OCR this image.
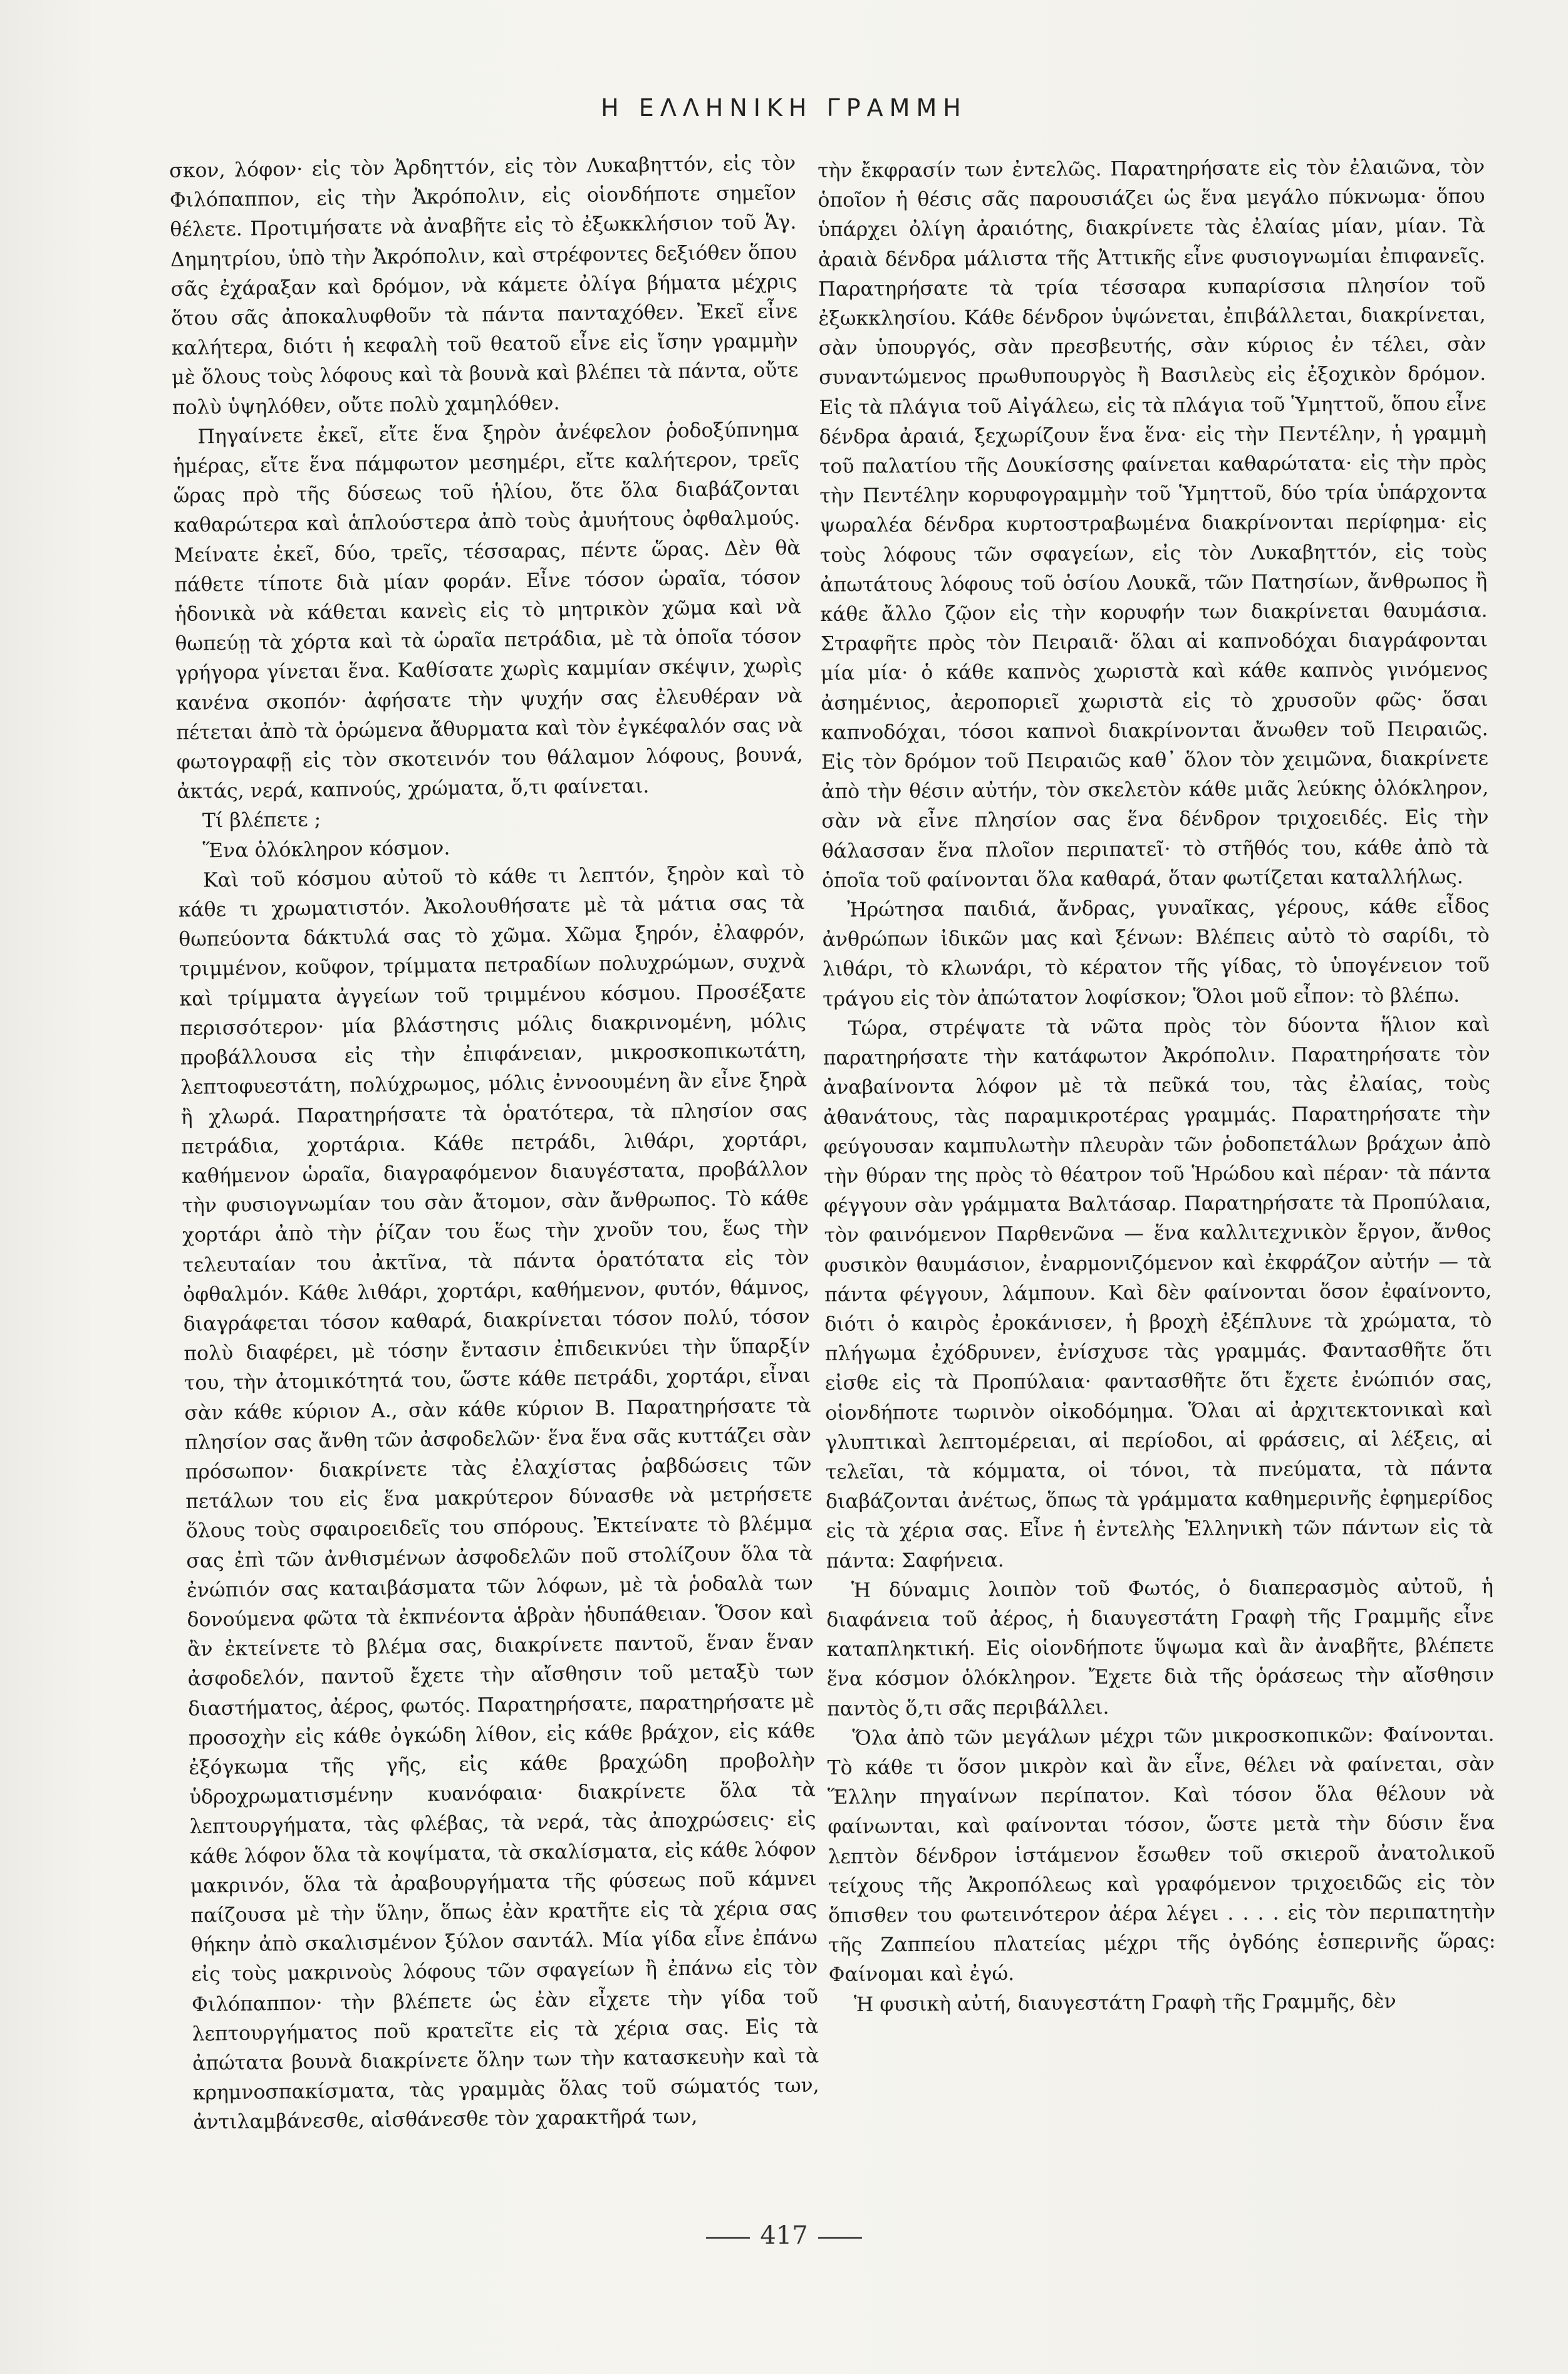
Η ΕΛΛΗΝΙΚΗ ΓΡΑΜΜΗ

σκον, λόφον· εἰς τὸν Ἀρδηττόν, εἰς τὸν Λυκαβηττόν, εἰς τὸν Φιλόπαππον, εἰς τὴν Ἀκρόπολιν, εἰς οἱονδήποτε σημεῖον θέλετε. Προτιμήσατε νὰ ἀναβῆτε εἰς τὸ ἐξωκκλήσιον τοῦ Ἁγ. Δημητρίου, ὑπὸ τὴν Ἀκρόπολιν, καὶ στρέφοντες δεξιόθεν ὅπου σᾶς ἐχάραξαν καὶ δρόμον, νὰ κάμετε ὀλίγα βήματα μέχρις ὅτου σᾶς ἀποκαλυφθοῦν τὰ πάντα πανταχόθεν. Ἐκεῖ εἶνε καλήτερα, διότι ἡ κεφαλὴ τοῦ θεατοῦ εἶνε εἰς ἴσην γραμμὴν μὲ ὅλους τοὺς λόφους καὶ τὰ βουνὰ καὶ βλέπει τὰ πάντα, οὔτε πολὺ ὑψηλόθεν, οὔτε πολὺ χαμηλόθεν.

Πηγαίνετε ἐκεῖ, εἴτε ἕνα ξηρὸν ἀνέφελον ῥοδοξύπνημα ἡμέρας, εἴτε ἕνα πάμφωτον μεσημέρι, εἴτε καλήτερον, τρεῖς ὥρας πρὸ τῆς δύσεως τοῦ ἡλίου, ὅτε ὅλα διαβάζονται καθαρώτερα καὶ ἁπλούστερα ἀπὸ τοὺς ἀμυήτους ὀφθαλμούς. Μείνατε ἐκεῖ, δύο, τρεῖς, τέσσαρας, πέντε ὥρας. Δὲν θὰ πάθετε τίποτε διὰ μίαν φοράν. Εἶνε τόσον ὡραῖα, τόσον ἡδονικὰ νὰ κάθεται κανεὶς εἰς τὸ μητρικὸν χῶμα καὶ νὰ θωπεύῃ τὰ χόρτα καὶ τὰ ὡραῖα πετράδια, μὲ τὰ ὁποῖα τόσον γρήγορα γίνεται ἕνα. Καθίσατε χωρὶς καμμίαν σκέψιν, χωρὶς κανένα σκοπόν· ἀφήσατε τὴν ψυχήν σας ἐλευθέραν νὰ πέτεται ἀπὸ τὰ ὁρώμενα ἄθυρματα καὶ τὸν ἐγκέφαλόν σας νὰ φωτογραφῇ εἰς τὸν σκοτεινόν του θάλαμον λόφους, βουνά, ἀκτάς, νερά, καπνούς, χρώματα, ὅ,τι φαίνεται.

Τί βλέπετε ;

Ἕνα ὁλόκληρον κόσμον.

Καὶ τοῦ κόσμου αὐτοῦ τὸ κάθε τι λεπτόν, ξηρὸν καὶ τὸ κάθε τι χρωματιστόν. Ἀκολουθήσατε μὲ τὰ μάτια σας τὰ θωπεύοντα δάκτυλά σας τὸ χῶμα. Χῶμα ξηρόν, ἐλαφρόν, τριμμένον, κοῦφον, τρίμματα πετραδίων πολυχρώμων, συχνὰ καὶ τρίμματα ἀγγείων τοῦ τριμμένου κόσμου. Προσέξατε περισσότερον· μία βλάστησις μόλις διακρινομένη, μόλις προβάλλουσα εἰς τὴν ἐπιφάνειαν, μικροσκοπικωτάτη, λεπτοφυεστάτη, πολύχρωμος, μόλις ἐννοουμένη ἂν εἶνε ξηρὰ ἢ χλωρά. Παρατηρήσατε τὰ ὁρατότερα, τὰ πλησίον σας πετράδια, χορτάρια. Κάθε πετράδι, λιθάρι, χορτάρι, καθήμενον ὡραῖα, διαγραφόμενον διαυγέστατα, προβάλλον τὴν φυσιογνωμίαν του σὰν ἄτομον, σὰν ἄνθρωπος. Τὸ κάθε χορτάρι ἀπὸ τὴν ῥίζαν του ἕως τὴν χνοῦν του, ἕως τὴν τελευταίαν του ἀκτῖνα, τὰ πάντα ὁρατότατα εἰς τὸν ὀφθαλμόν. Κάθε λιθάρι, χορτάρι, καθήμενον, φυτόν, θάμνος, διαγράφεται τόσον καθαρά, διακρίνεται τόσον πολύ, τόσον πολὺ διαφέρει, μὲ τόσην ἔντασιν ἐπιδεικνύει τὴν ὕπαρξίν του, τὴν ἀτομικότητά του, ὥστε κάθε πετράδι, χορτάρι, εἶναι σὰν κάθε κύριον Α., σὰν κάθε κύριον Β. Παρατηρήσατε τὰ πλησίον σας ἄνθη τῶν ἀσφοδελῶν· ἕνα ἕνα σᾶς κυττάζει σὰν πρόσωπον· διακρίνετε τὰς ἐλαχίστας ῥαβδώσεις τῶν πετάλων του εἰς ἕνα μακρύτερον δύνασθε νὰ μετρήσετε ὅλους τοὺς σφαιροειδεῖς του σπόρους. Ἐκτείνατε τὸ βλέμμα σας ἐπὶ τῶν ἀνθισμένων ἀσφοδελῶν ποῦ στολίζουν ὅλα τὰ ἐνώπιόν σας καταιβάσματα τῶν λόφων, μὲ τὰ ῥοδαλὰ των δονούμενα φῶτα τὰ ἐκπνέοντα ἁβρὰν ἡδυπάθειαν. Ὅσον καὶ ἂν ἐκτείνετε τὸ βλέμα σας, διακρίνετε παντοῦ, ἕναν ἕναν ἀσφοδελόν, παντοῦ ἔχετε τὴν αἴσθησιν τοῦ μεταξὺ των διαστήματος, ἀέρος, φωτός. Παρατηρήσατε, παρατηρήσατε μὲ προσοχὴν εἰς κάθε ὀγκώδη λίθον, εἰς κάθε βράχον, εἰς κάθε ἐξόγκωμα τῆς γῆς, εἰς κάθε βραχώδη προβολὴν ὑδροχρωματισμένην κυανόφαια· διακρίνετε ὅλα τὰ λεπτουργήματα, τὰς φλέβας, τὰ νερά, τὰς ἀποχρώσεις· εἰς κάθε λόφον ὅλα τὰ κοψίματα, τὰ σκαλίσματα, εἰς κάθε λόφον μακρινόν, ὅλα τὰ ἀραβουργήματα τῆς φύσεως ποῦ κάμνει παίζουσα μὲ τὴν ὕλην, ὅπως ἐὰν κρατῆτε εἰς τὰ χέρια σας θήκην ἀπὸ σκαλισμένον ξύλον σαντάλ. Μία γίδα εἶνε ἐπάνω εἰς τοὺς μακρινοὺς λόφους τῶν σφαγείων ἢ ἐπάνω εἰς τὸν Φιλόπαππον· τὴν βλέπετε ὡς ἐὰν εἶχετε τὴν γίδα τοῦ λεπτουργήματος ποῦ κρατεῖτε εἰς τὰ χέρια σας. Εἰς τὰ ἀπώτατα βουνὰ διακρίνετε ὅλην των τὴν κατασκευὴν καὶ τὰ κρημνοσπακίσματα, τὰς γραμμὰς ὅλας τοῦ σώματός των, ἀντιλαμβάνεσθε, αἰσθάνεσθε τὸν χαρακτῆρά των,

τὴν ἔκφρασίν των ἐντελῶς. Παρατηρήσατε εἰς τὸν ἐλαιῶνα, τὸν ὁποῖον ἡ θέσις σᾶς παρουσιάζει ὡς ἕνα μεγάλο πύκνωμα· ὅπου ὑπάρχει ὀλίγη ἀραιότης, διακρίνετε τὰς ἐλαίας μίαν, μίαν. Τὰ ἀραιὰ δένδρα μάλιστα τῆς Ἀττικῆς εἶνε φυσιογνωμίαι ἐπιφανεῖς. Παρατηρήσατε τὰ τρία τέσσαρα κυπαρίσσια πλησίον τοῦ ἐξωκκλησίου. Κάθε δένδρον ὑψώνεται, ἐπιβάλλεται, διακρίνεται, σὰν ὑπουργός, σὰν πρεσβευτής, σὰν κύριος ἐν τέλει, σὰν συναντώμενος πρωθυπουργὸς ἢ Βασιλεὺς εἰς ἐξοχικὸν δρόμον. Εἰς τὰ πλάγια τοῦ Αἰγάλεω, εἰς τὰ πλάγια τοῦ Ὑμηττοῦ, ὅπου εἶνε δένδρα ἀραιά, ξεχωρίζουν ἕνα ἕνα· εἰς τὴν Πεντέλην, ἡ γραμμὴ τοῦ παλατίου τῆς Δουκίσσης φαίνεται καθαρώτατα· εἰς τὴν πρὸς τὴν Πεντέλην κορυφογραμμὴν τοῦ Ὑμηττοῦ, δύο τρία ὑπάρχοντα ψωραλέα δένδρα κυρτοστραβωμένα διακρίνονται περίφημα· εἰς τοὺς λόφους τῶν σφαγείων, εἰς τὸν Λυκαβηττόν, εἰς τοὺς ἀπωτάτους λόφους τοῦ ὁσίου Λουκᾶ, τῶν Πατησίων, ἄνθρωπος ἢ κάθε ἄλλο ζῷον εἰς τὴν κορυφήν των διακρίνεται θαυμάσια. Στραφῆτε πρὸς τὸν Πειραιᾶ· ὅλαι αἱ καπνοδόχαι διαγράφονται μία μία· ὁ κάθε καπνὸς χωριστὰ καὶ κάθε καπνὸς γινόμενος ἀσημένιος, ἀεροποριεῖ χωριστὰ εἰς τὸ χρυσοῦν φῶς· ὅσαι καπνοδόχαι, τόσοι καπνοὶ διακρίνονται ἄνωθεν τοῦ Πειραιῶς. Εἰς τὸν δρόμον τοῦ Πειραιῶς καθ᾽ ὅλον τὸν χειμῶνα, διακρίνετε ἀπὸ τὴν θέσιν αὐτήν, τὸν σκελετὸν κάθε μιᾶς λεύκης ὁλόκληρον, σὰν νὰ εἶνε πλησίον σας ἕνα δένδρον τριχοειδές. Εἰς τὴν θάλασσαν ἕνα πλοῖον περιπατεῖ· τὸ στῆθός του, κάθε ἀπὸ τὰ ὁποῖα τοῦ φαίνονται ὅλα καθαρά, ὅταν φωτίζεται καταλλήλως.

Ἠρώτησα παιδιά, ἄνδρας, γυναῖκας, γέρους, κάθε εἶδος ἀνθρώπων ἰδικῶν μας καὶ ξένων: Βλέπεις αὐτὸ τὸ σαρίδι, τὸ λιθάρι, τὸ κλωνάρι, τὸ κέρατον τῆς γίδας, τὸ ὑπογένειον τοῦ τράγου εἰς τὸν ἀπώτατον λοφίσκον; Ὅλοι μοῦ εἶπον: τὸ βλέπω.

Τώρα, στρέψατε τὰ νῶτα πρὸς τὸν δύοντα ἥλιον καὶ παρατηρήσατε τὴν κατάφωτον Ἀκρόπολιν. Παρατηρήσατε τὸν ἀναβαίνοντα λόφον μὲ τὰ πεῦκά του, τὰς ἐλαίας, τοὺς ἀθανάτους, τὰς παραμικροτέρας γραμμάς. Παρατηρήσατε τὴν φεύγουσαν καμπυλωτὴν πλευρὰν τῶν ῥοδοπετάλων βράχων ἀπὸ τὴν θύραν της πρὸς τὸ θέατρον τοῦ Ἡρώδου καὶ πέραν· τὰ πάντα φέγγουν σὰν γράμματα Βαλτάσαρ. Παρατηρήσατε τὰ Προπύλαια, τὸν φαινόμενον Παρθενῶνα — ἕνα καλλιτεχνικὸν ἔργον, ἄνθος φυσικὸν θαυμάσιον, ἐναρμονιζόμενον καὶ ἐκφράζον αὐτήν — τὰ πάντα φέγγουν, λάμπουν. Καὶ δὲν φαίνονται ὅσον ἐφαίνοντο, διότι ὁ καιρὸς ἐροκάνισεν, ἡ βροχὴ ἐξέπλυνε τὰ χρώματα, τὸ πλήγωμα ἐχόδρυνεν, ἐνίσχυσε τὰς γραμμάς. Φαντασθῆτε ὅτι εἰσθε εἰς τὰ Προπύλαια· φαντασθῆτε ὅτι ἔχετε ἐνώπιόν σας, οἱονδήποτε τωρινὸν οἰκοδόμημα. Ὅλαι αἱ ἀρχιτεκτονικαὶ καὶ γλυπτικαὶ λεπτομέρειαι, αἱ περίοδοι, αἱ φράσεις, αἱ λέξεις, αἱ τελεῖαι, τὰ κόμματα, οἱ τόνοι, τὰ πνεύματα, τὰ πάντα διαβάζονται ἀνέτως, ὅπως τὰ γράμματα καθημερινῆς ἐφημερίδος εἰς τὰ χέρια σας. Εἶνε ἡ ἐντελὴς Ἑλληνικὴ τῶν πάντων εἰς τὰ πάντα: Σαφήνεια.

Ἡ δύναμις λοιπὸν τοῦ Φωτός, ὁ διαπερασμὸς αὐτοῦ, ἡ διαφάνεια τοῦ ἀέρος, ἡ διαυγεστάτη Γραφὴ τῆς Γραμμῆς εἶνε καταπληκτική. Εἰς οἱονδήποτε ὕψωμα καὶ ἂν ἀναβῆτε, βλέπετε ἕνα κόσμον ὁλόκληρον. Ἔχετε διὰ τῆς ὁράσεως τὴν αἴσθησιν παντὸς ὅ,τι σᾶς περιβάλλει.

Ὅλα ἀπὸ τῶν μεγάλων μέχρι τῶν μικροσκοπικῶν: Φαίνονται. Τὸ κάθε τι ὅσον μικρὸν καὶ ἂν εἶνε, θέλει νὰ φαίνεται, σὰν Ἕλλην πηγαίνων περίπατον. Καὶ τόσον ὅλα θέλουν νὰ φαίνωνται, καὶ φαίνονται τόσον, ὥστε μετὰ τὴν δύσιν ἕνα λεπτὸν δένδρον ἱστάμενον ἔσωθεν τοῦ σκιεροῦ ἀνατολικοῦ τείχους τῆς Ἀκροπόλεως καὶ γραφόμενον τριχοειδῶς εἰς τὸν ὅπισθεν του φωτεινότερον ἀέρα λέγει . . . . εἰς τὸν περιπατητὴν τῆς Ζαππείου πλατείας μέχρι τῆς ὀγδόης ἑσπερινῆς ὥρας: Φαίνομαι καὶ ἐγώ.

Ἡ φυσικὴ αὐτή, διαυγεστάτη Γραφὴ τῆς Γραμμῆς, δὲν

417
